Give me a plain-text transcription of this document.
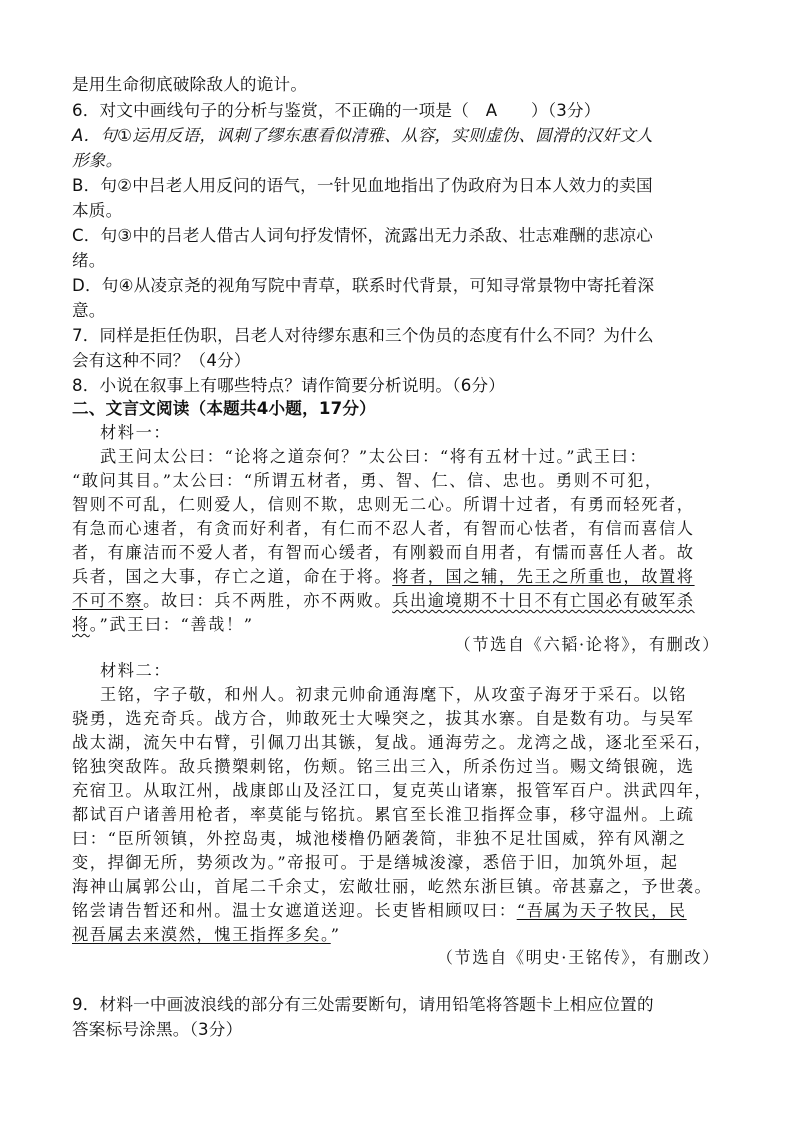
是用生命彻底破除敌人的诡计。
6．对文中画线句子的分析与鉴赏，不正确的一项是（　A　　）（3分）
A．句①运用反语，讽刺了缪东惠看似清雅、从容，实则虚伪、圆滑的汉奸文人
形象。
B．句②中吕老人用反问的语气，一针见血地指出了伪政府为日本人效力的卖国
本质。
C．句③中的吕老人借古人词句抒发情怀，流露出无力杀敌、壮志难酬的悲凉心
绪。
D．句④从凌京尧的视角写院中青草，联系时代背景，可知寻常景物中寄托着深
意。
7．同样是拒任伪职，吕老人对待缪东惠和三个伪员的态度有什么不同？为什么
会有这种不同？（4分）
8．小说在叙事上有哪些特点？请作简要分析说明。（6分）
二、文言文阅读（本题共4小题，17分）
材料一：
武王问太公曰：“论将之道奈何？”太公曰：“将有五材十过。”武王曰：
“敢问其目。”太公曰：“所谓五材者，勇、智、仁、信、忠也。勇则不可犯，
智则不可乱，仁则爱人，信则不欺，忠则无二心。所谓十过者，有勇而轻死者，
有急而心速者，有贪而好利者，有仁而不忍人者，有智而心怯者，有信而喜信人
者，有廉洁而不爱人者，有智而心缓者，有刚毅而自用者，有懦而喜任人者。故
兵者，国之大事，存亡之道，命在于将。将者，国之辅，先王之所重也，故置将
不可不察。故曰：兵不两胜，亦不两败。兵出逾境期不十日不有亡国必有破军杀
将。”武王曰：“善哉！”
（节选自《六韬·论将》，有删改）
材料二：
王铭，字子敬，和州人。初隶元帅俞通海麾下，从攻蛮子海牙于采石。以铭
骁勇，选充奇兵。战方合，帅敢死士大噪突之，拔其水寨。自是数有功。与吴军
战太湖，流矢中右臂，引佩刀出其镞，复战。通海劳之。龙湾之战，逐北至采石，
铭独突敌阵。敌兵攒槊刺铭，伤颊。铭三出三入，所杀伤过当。赐文绮银碗，选
充宿卫。从取江州，战康郎山及泾江口，复克英山诸寨，报管军百户。洪武四年，
都试百户诸善用枪者，率莫能与铭抗。累官至长淮卫指挥佥事，移守温州。上疏
曰：“臣所领镇，外控岛夷，城池楼橹仍陋袭简，非独不足壮国威，猝有风潮之
变，捍御无所，势须改为。”帝报可。于是缮城浚濠，悉倍于旧，加筑外垣，起
海神山属郭公山，首尾二千余丈，宏敞壮丽，屹然东浙巨镇。帝甚嘉之，予世袭。
铭尝请告暂还和州。温士女遮道送迎。长吏皆相顾叹曰：“吾属为天子牧民，民
视吾属去来漠然，愧王指挥多矣。”
（节选自《明史·王铭传》，有删改）
9．材料一中画波浪线的部分有三处需要断句，请用铅笔将答题卡上相应位置的
答案标号涂黑。（3分）
